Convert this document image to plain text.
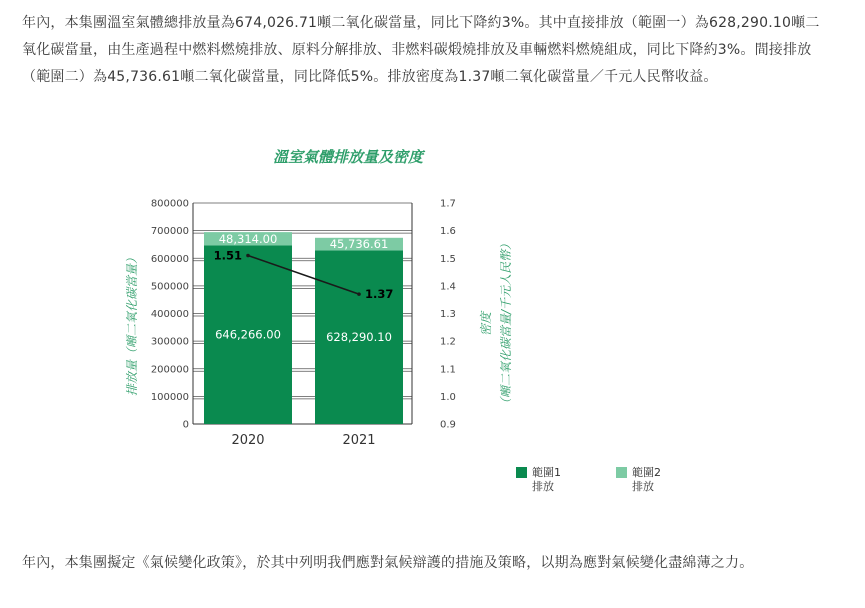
年內，本集團溫室氣體總排放量為674,026.71噸二氧化碳當量，同比下降約3%。其中直接排放（範圍一）為628,290.10噸二氧化碳當量，由生產過程中燃料燃燒排放、原料分解排放、非燃料碳煅燒排放及車輛燃料燃燒組成，同比下降約3%。間接排放（範圍二）為45,736.61噸二氧化碳當量，同比降低5%。排放密度為1.37噸二氧化碳當量／千元人民幣收益。

溫室氣體排放量及密度
0
100000
200000
300000
400000
500000
600000
700000
800000
0.9
1.0
1.1
1.2
1.3
1.4
1.5
1.6
1.7
646,266.00
48,314.00
628,290.10
45,736.61
1.51
1.37
2020	2021
排放量（噸二氧化碳當量）	密度 （噸二氧化碳當量/千元人民幣）
範圍1
排放
範圍2
排放

年內，本集團擬定《氣候變化政策》，於其中列明我們應對氣候辯護的措施及策略，以期為應對氣候變化盡綿薄之力。
